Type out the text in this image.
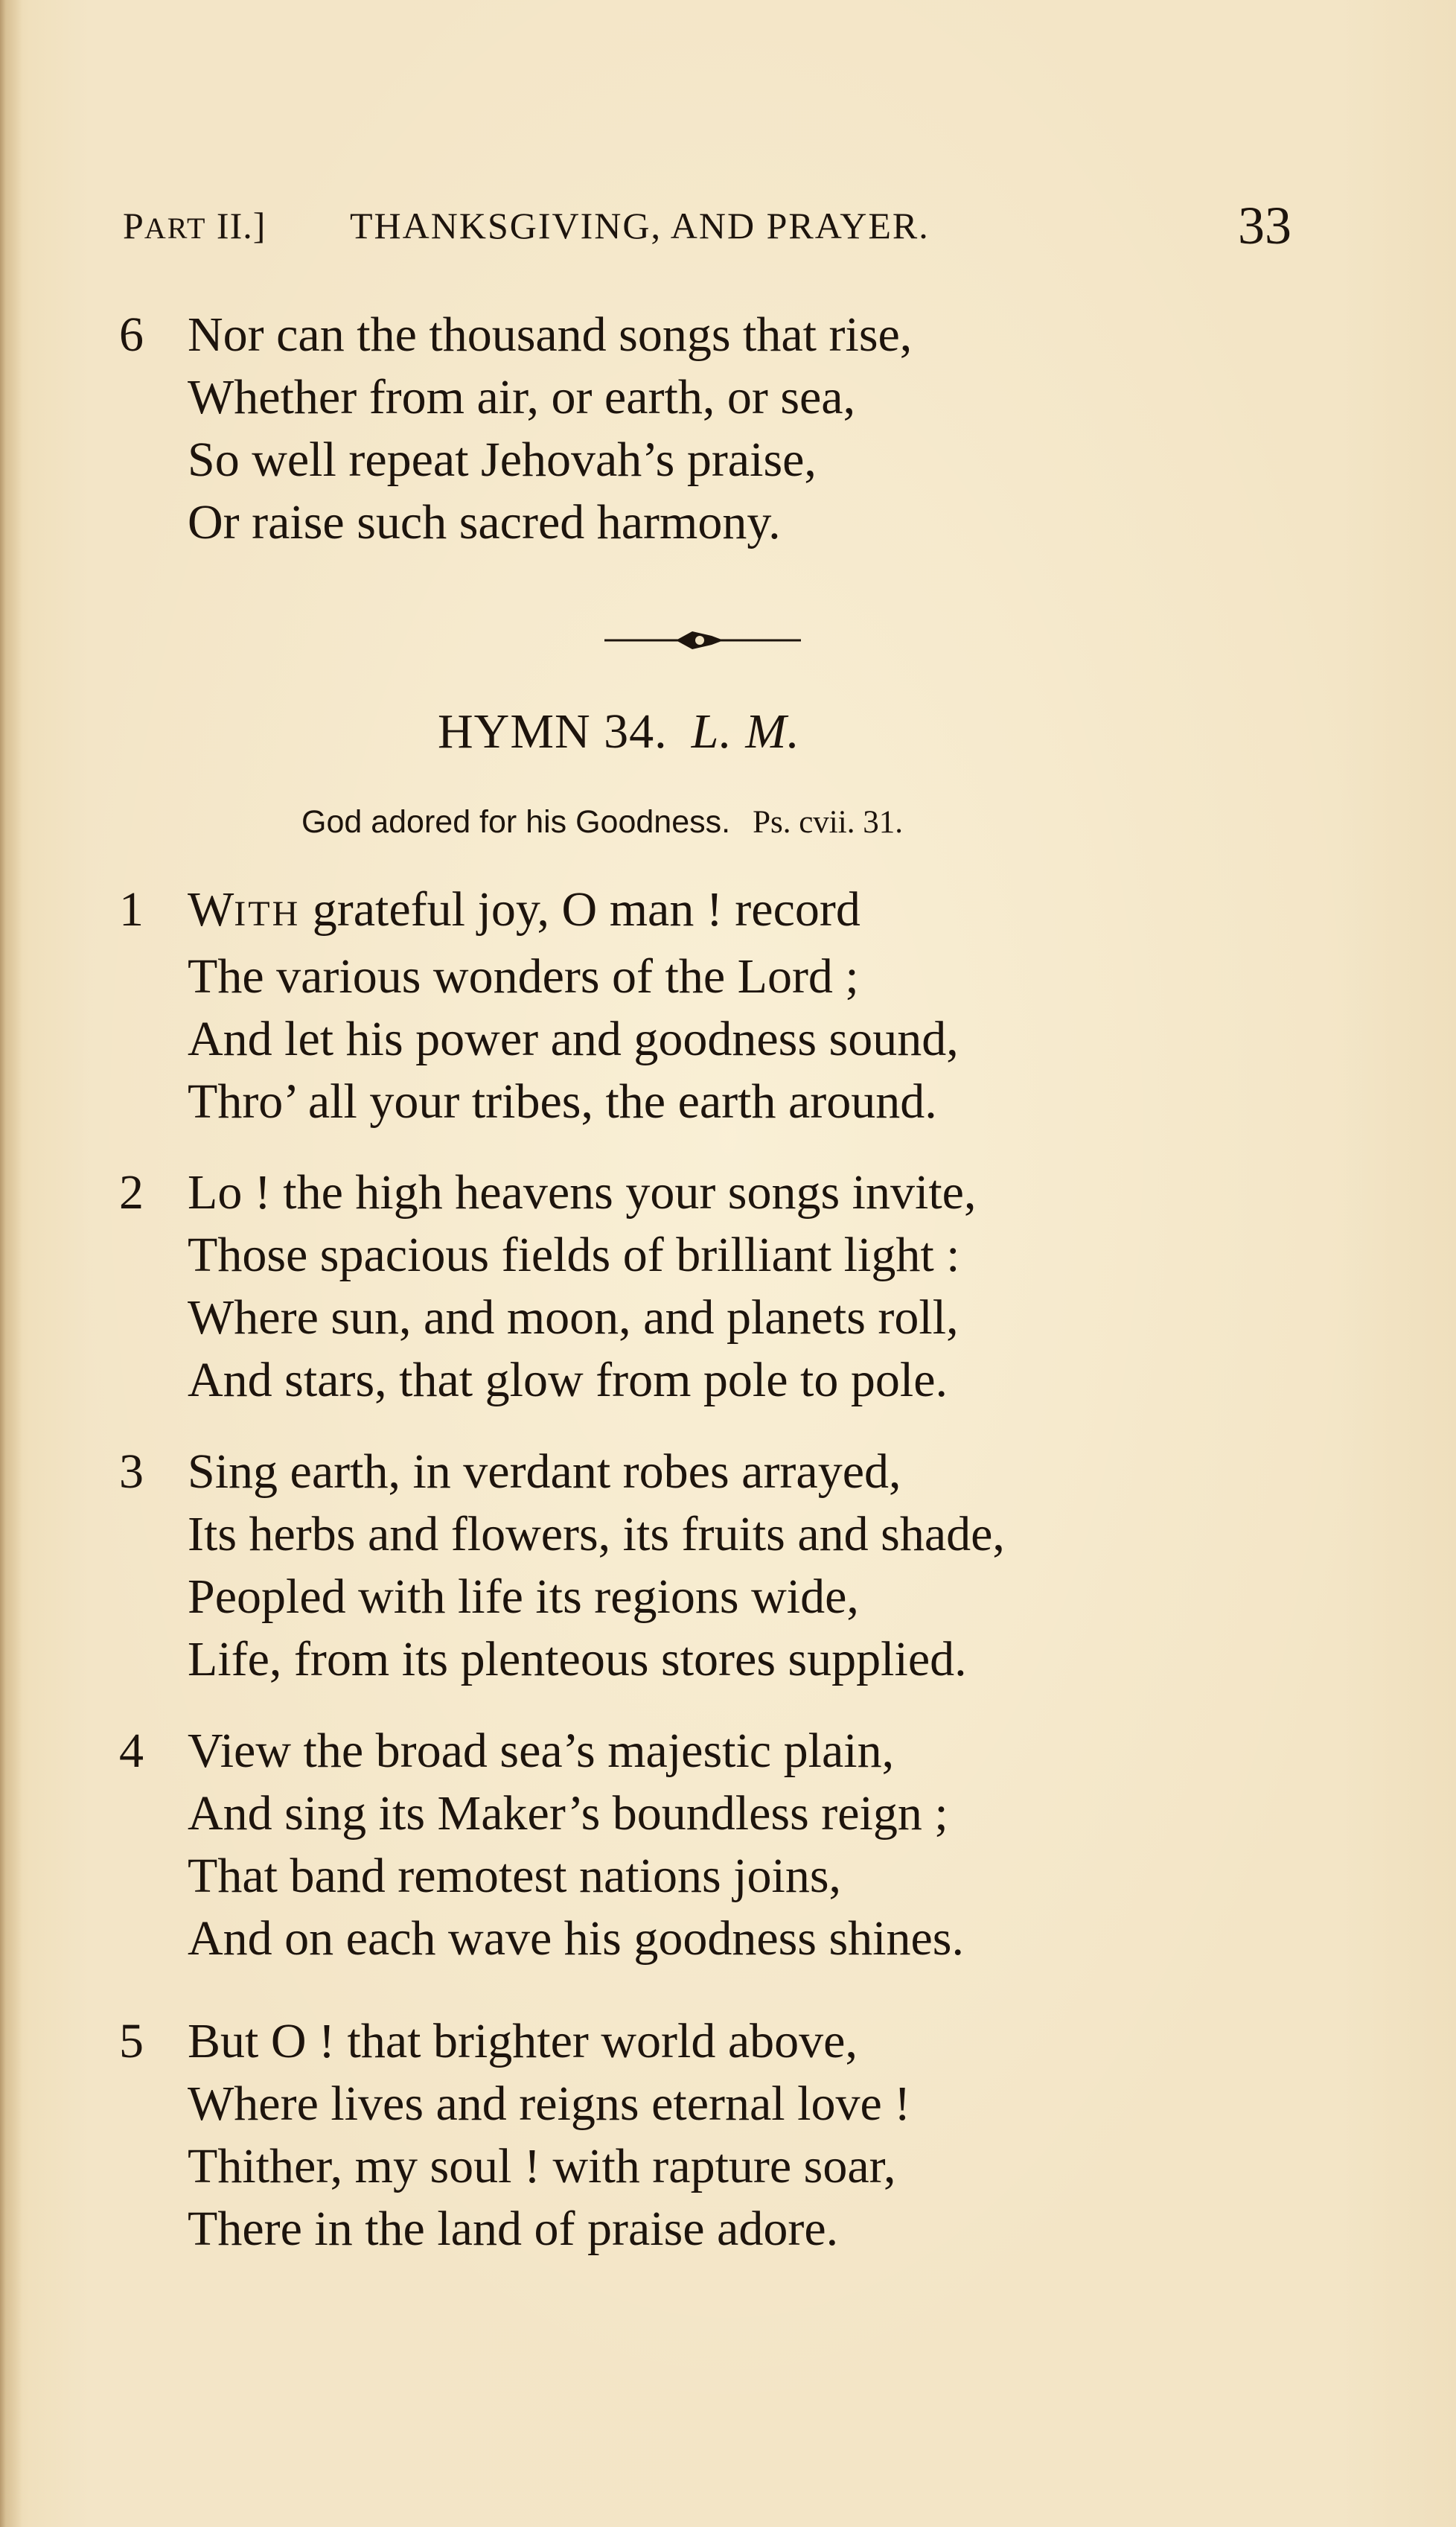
PART II.] THANKSGIVING, AND PRAYER.	33
6 Nor can the thousand songs that rise,
Whether from air, or earth, or sea,
So well repeat Jehovah’s praise,
Or raise such sacred harmony.
HYMN 34. L. M.
God adored for his Goodness. Ps. cvii. 31.
1 WITH grateful joy, O man ! record
The various wonders of the Lord ;
And let his power and goodness sound,
Thro’ all your tribes, the earth around.
2 Lo ! the high heavens your songs invite,
Those spacious fields of brilliant light :
Where sun, and moon, and planets roll,
And stars, that glow from pole to pole.
3 Sing earth, in verdant robes arrayed,
Its herbs and flowers, its fruits and shade,
Peopled with life its regions wide,
Life, from its plenteous stores supplied.
4 View the broad sea’s majestic plain,
And sing its Maker’s boundless reign ;
That band remotest nations joins,
And on each wave his goodness shines.
5 But O ! that brighter world above,
Where lives and reigns eternal love !
Thither, my soul ! with rapture soar,
There in the land of praise adore.
